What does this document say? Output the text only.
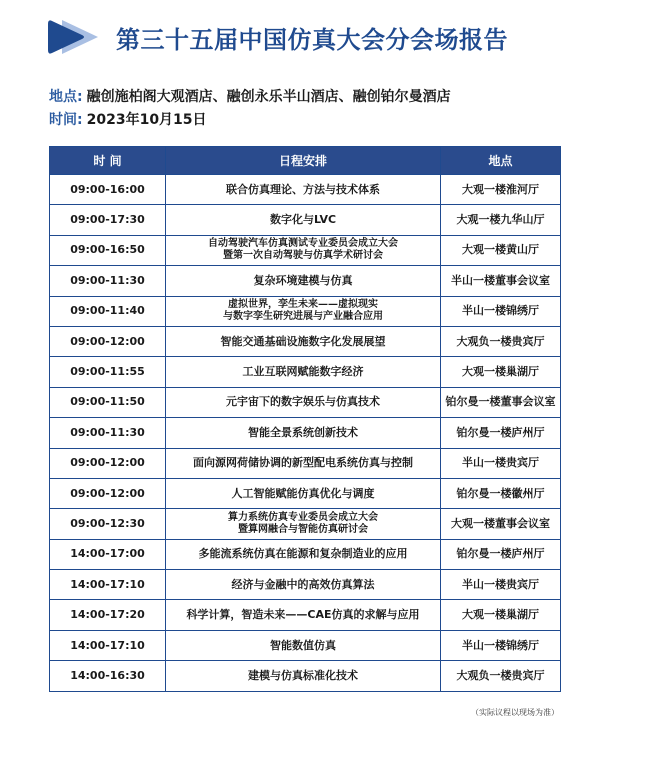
第三十五届中国仿真大会分会场报告
地点: 融创施柏阁大观酒店、融创永乐半山酒店、融创铂尔曼酒店
时间: 2023年10月15日
时 间	日程安排	地点
09:00-16:00	联合仿真理论、方法与技术体系	大观一楼淮河厅
09:00-17:30	数字化与LVC	大观一楼九华山厅
09:00-16:50	自动驾驶汽车仿真测试专业委员会成立大会
暨第一次自动驾驶与仿真学术研讨会	大观一楼黄山厅
09:00-11:30	复杂环境建模与仿真	半山一楼董事会议室
09:00-11:40	虚拟世界，孪生未来——虚拟现实
与数字孪生研究进展与产业融合应用	半山一楼锦绣厅
09:00-12:00	智能交通基础设施数字化发展展望	大观负一楼贵宾厅
09:00-11:55	工业互联网赋能数字经济	大观一楼巢湖厅
09:00-11:50	元宇宙下的数字娱乐与仿真技术	铂尔曼一楼董事会议室
09:00-11:30	智能全景系统创新技术	铂尔曼一楼庐州厅
09:00-12:00	面向源网荷储协调的新型配电系统仿真与控制	半山一楼贵宾厅
09:00-12:00	人工智能赋能仿真优化与调度	铂尔曼一楼徽州厅
09:00-12:30	算力系统仿真专业委员会成立大会
暨算网融合与智能仿真研讨会	大观一楼董事会议室
14:00-17:00	多能流系统仿真在能源和复杂制造业的应用	铂尔曼一楼庐州厅
14:00-17:10	经济与金融中的高效仿真算法	半山一楼贵宾厅
14:00-17:20	科学计算，智造未来——CAE仿真的求解与应用	大观一楼巢湖厅
14:00-17:10	智能数值仿真	半山一楼锦绣厅
14:00-16:30	建模与仿真标准化技术	大观负一楼贵宾厅
（实际议程以现场为准）
